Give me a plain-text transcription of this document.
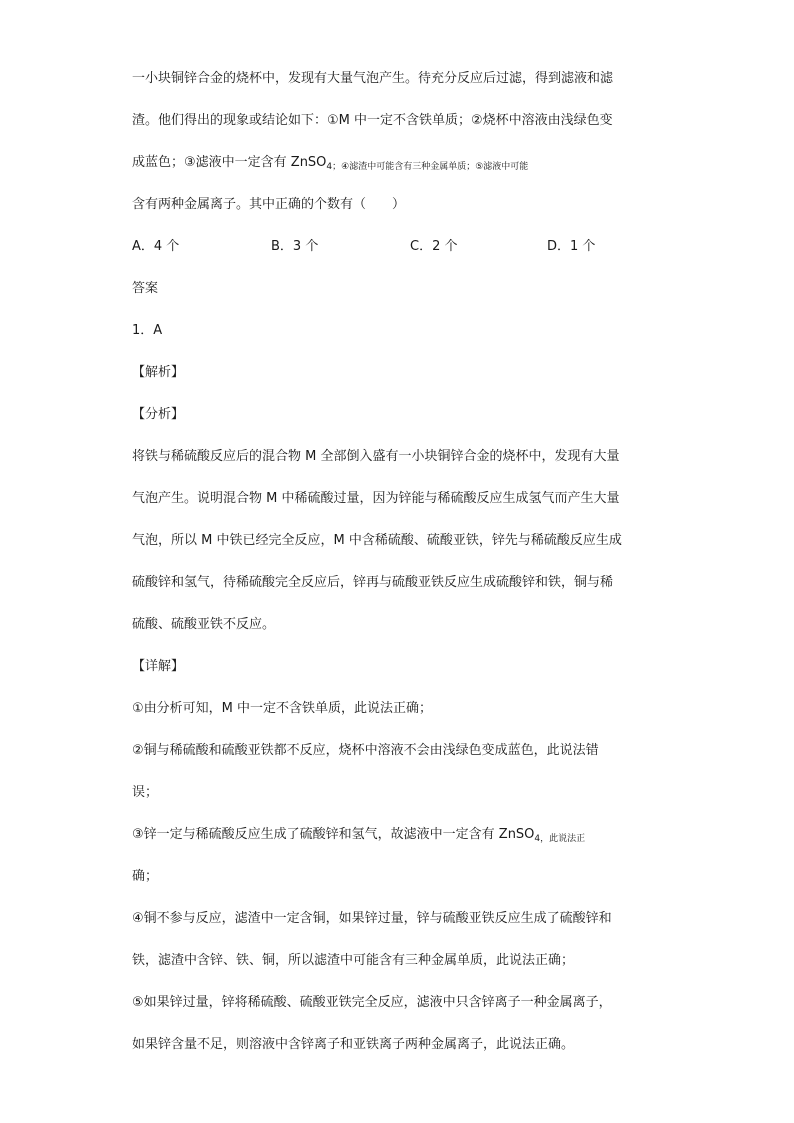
一小块铜锌合金的烧杯中，发现有大量气泡产生。待充分反应后过滤，得到滤液和滤
渣。他们得出的现象或结论如下：①M 中一定不含铁单质；②烧杯中溶液由浅绿色变
成蓝色；③滤液中一定含有 ZnSO$_{4;④滤渣中可能含有三种金属单质;⑤滤液中可能}$
含有两种金属离子。其中正确的个数有（　　）
A．4 个	B．3 个	C．2 个	D．1 个
答案
1．A
【解析】
【分析】
将铁与稀硫酸反应后的混合物 M 全部倒入盛有一小块铜锌合金的烧杯中，发现有大量
气泡产生。说明混合物 M 中稀硫酸过量，因为锌能与稀硫酸反应生成氢气而产生大量
气泡，所以 M 中铁已经完全反应，M 中含稀硫酸、硫酸亚铁，锌先与稀硫酸反应生成
硫酸锌和氢气，待稀硫酸完全反应后，锌再与硫酸亚铁反应生成硫酸锌和铁，铜与稀
硫酸、硫酸亚铁不反应。
【详解】
①由分析可知，M 中一定不含铁单质，此说法正确；
②铜与稀硫酸和硫酸亚铁都不反应，烧杯中溶液不会由浅绿色变成蓝色，此说法错
误；
③锌一定与稀硫酸反应生成了硫酸锌和氢气，故滤液中一定含有 ZnSO$_{4,此说法正}$
确；
④铜不参与反应，滤渣中一定含铜，如果锌过量，锌与硫酸亚铁反应生成了硫酸锌和
铁，滤渣中含锌、铁、铜，所以滤渣中可能含有三种金属单质，此说法正确；
⑤如果锌过量，锌将稀硫酸、硫酸亚铁完全反应，滤液中只含锌离子一种金属离子，
如果锌含量不足，则溶液中含锌离子和亚铁离子两种金属离子，此说法正确。
